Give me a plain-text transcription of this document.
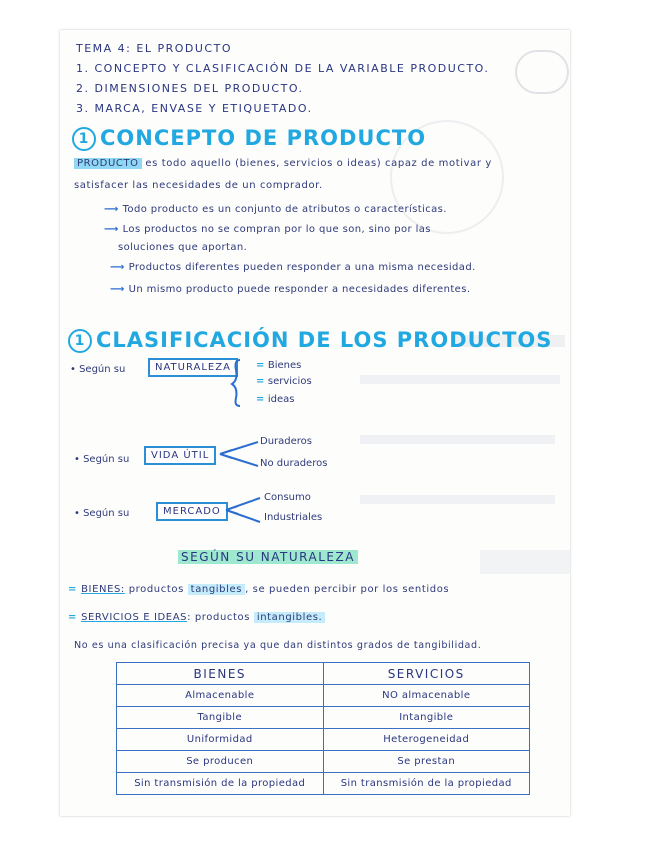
TEMA 4: EL PRODUCTO
1. CONCEPTO Y CLASIFICACIÓN DE LA VARIABLE PRODUCTO.
2. DIMENSIONES DEL PRODUCTO.
3. MARCA, ENVASE Y ETIQUETADO.
1 CONCEPTO DE PRODUCTO
PRODUCTO es todo aquello (bienes, servicios o ideas) capaz de motivar y
satisfacer las necesidades de un comprador.
⟶ Todo producto es un conjunto de atributos o características.
⟶ Los productos no se compran por lo que son, sino por las
soluciones que aportan.
⟶ Productos diferentes pueden responder a una misma necesidad.
⟶ Un mismo producto puede responder a necesidades diferentes.
1 CLASIFICACIÓN DE LOS PRODUCTOS
• Según su	NATURALEZA	= Bienes
= servicios
= ideas
• Según su	VIDA ÚTIL
Duraderos
No duraderos
• Según su	MERCADO
Consumo
Industriales
SEGÚN SU NATURALEZA
= BIENES: productos tangibles , se pueden percibir por los sentidos
= SERVICIOS E IDEAS: productos intangibles.
No es una clasificación precisa ya que dan distintos grados de tangibilidad.
BIENES	SERVICIOS
Almacenable	NO almacenable
Tangible	Intangible
Uniformidad	Heterogeneidad
Se producen	Se prestan
Sin transmisión de la propiedad	Sin transmisión de la propiedad
